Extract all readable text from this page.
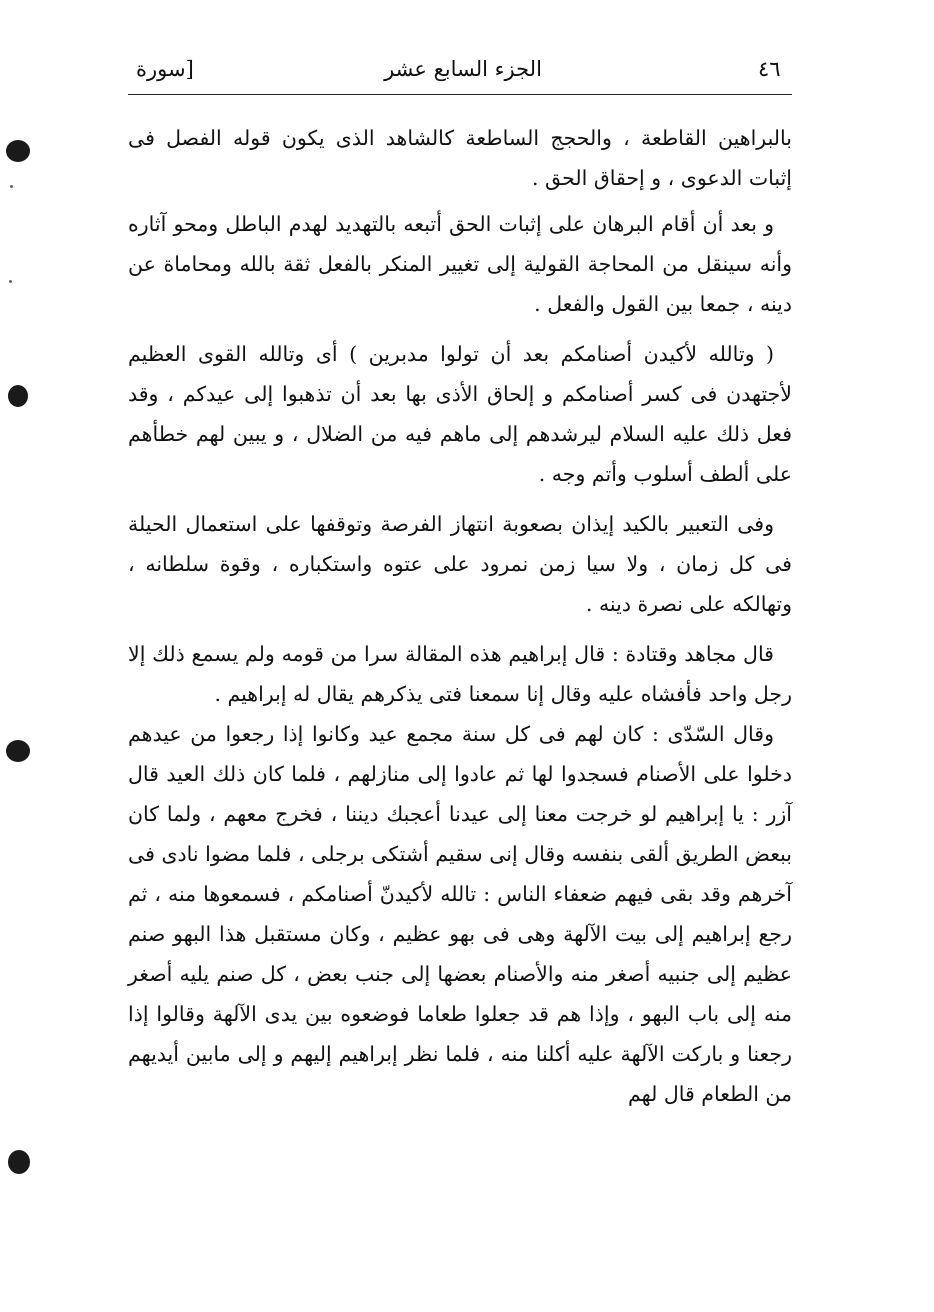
٤٦
الجزء السابع عشر
[سورة

بالبراهين القاطعة ، والحجج الساطعة كالشاهد الذى يكون قوله الفصل فى إثبات الدعوى ، و إحقاق الحق .

و بعد أن أقام البرهان على إثبات الحق أتبعه بالتهديد لهدم الباطل ومحو آثاره وأنه سينقل من المحاجة القولية إلى تغيير المنكر بالفعل ثقة بالله ومحاماة عن دينه ، جمعا بين القول والفعل .

( وتالله لأكيدن أصنامكم بعد أن تولوا مدبرين ) أى وتالله القوى العظيم لأجتهدن فى كسر أصنامكم و إلحاق الأذى بها بعد أن تذهبوا إلى عيدكم ، وقد فعل ذلك عليه السلام ليرشدهم إلى ماهم فيه من الضلال ، و يبين لهم خطأهم على ألطف أسلوب وأتم وجه .

وفى التعبير بالكيد إيذان بصعوبة انتهاز الفرصة وتوقفها على استعمال الحيلة فى كل زمان ، ولا سيا زمن نمرود على عتوه واستكباره ، وقوة سلطانه ، وتهالكه على نصرة دينه .

قال مجاهد وقتادة : قال إبراهيم هذه المقالة سرا من قومه ولم يسمع ذلك إلا رجل واحد فأفشاه عليه وقال إنا سمعنا فتى يذكرهم يقال له إبراهيم .

وقال السّدّى : كان لهم فى كل سنة مجمع عيد وكانوا إذا رجعوا من عيدهم دخلوا على الأصنام فسجدوا لها ثم عادوا إلى منازلهم ، فلما كان ذلك العيد قال آزر : يا إبراهيم لو خرجت معنا إلى عيدنا أعجبك ديننا ، فخرج معهم ، ولما كان ببعض الطريق ألقى بنفسه وقال إنى سقيم أشتكى برجلى ، فلما مضوا نادى فى آخرهم وقد بقى فيهم ضعفاء الناس : تالله لأكيدنّ أصنامكم ، فسمعوها منه ، ثم رجع إبراهيم إلى بيت الآلهة وهى فى بهو عظيم ، وكان مستقبل هذا البهو صنم عظيم إلى جنبيه أصغر منه والأصنام بعضها إلى جنب بعض ، كل صنم يليه أصغر منه إلى باب البهو ، وإذا هم قد جعلوا طعاما فوضعوه بين يدى الآلهة وقالوا إذا رجعنا و باركت الآلهة عليه أكلنا منه ، فلما نظر إبراهيم إليهم و إلى مابين أيديهم من الطعام قال لهم
